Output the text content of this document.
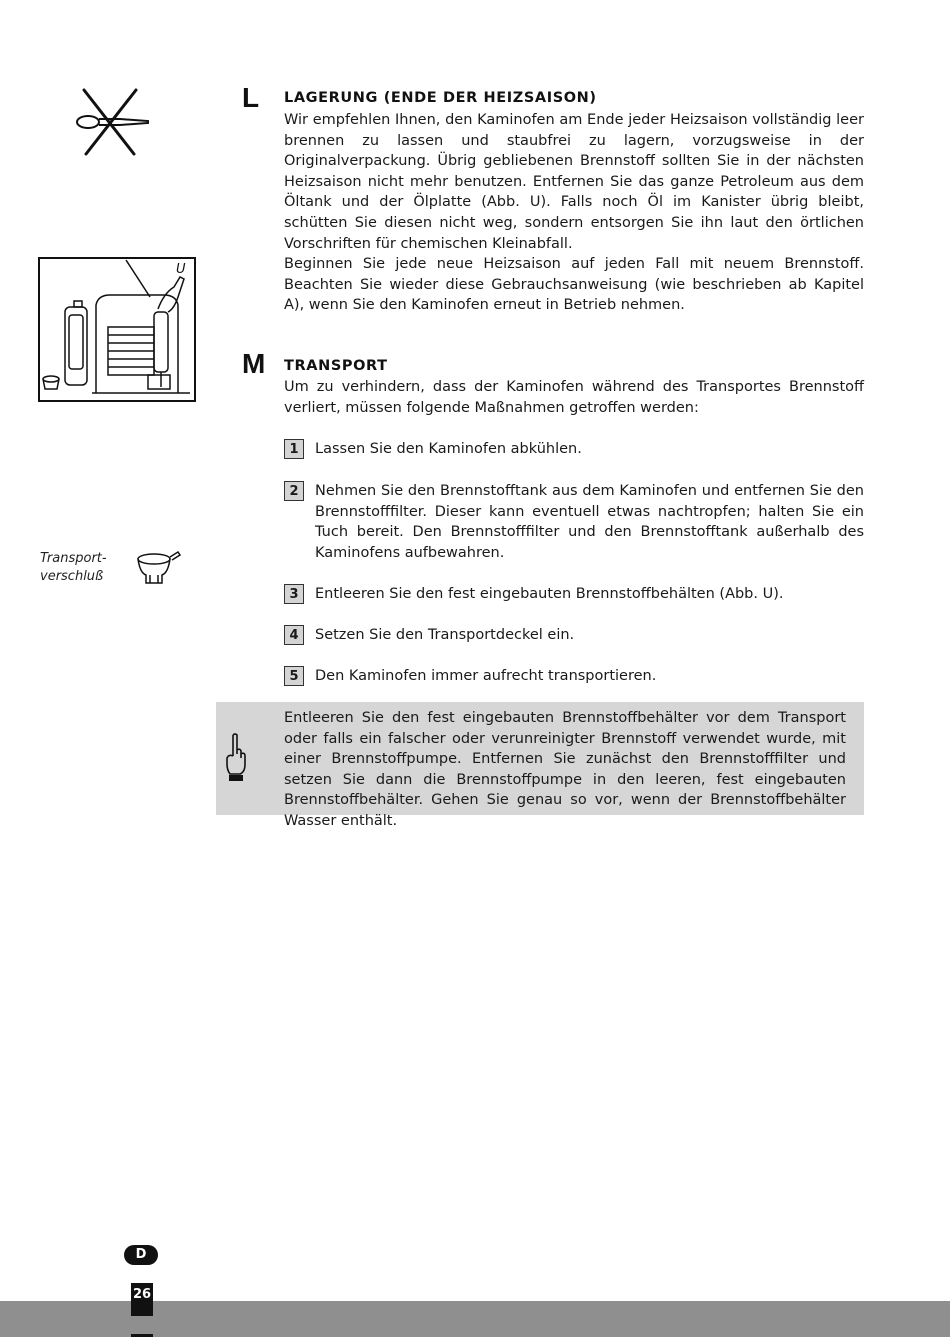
U
Transport-
verschluß
L LAGERUNG (ENDE DER HEIZSAISON)

Wir empfehlen Ihnen, den Kaminofen am Ende jeder Heizsaison vollständig leer brennen zu lassen und staubfrei zu lagern, vorzugsweise in der Originalverpackung. Übrig gebliebenen Brennstoff sollten Sie in der nächsten Heizsaison nicht mehr benutzen. Entfernen Sie das ganze Petroleum aus dem Öltank und der Ölplatte (Abb. U). Falls noch Öl im Kanister übrig bleibt, schütten Sie diesen nicht weg, sondern entsorgen Sie ihn laut den örtlichen Vorschriften für chemischen Kleinabfall.

Beginnen Sie jede neue Heizsaison auf jeden Fall mit neuem Brennstoff. Beachten Sie wieder diese Gebrauchsanweisung (wie beschrieben ab Kapitel A), wenn Sie den Kaminofen erneut in Betrieb nehmen.

M TRANSPORT

Um zu verhindern, dass der Kaminofen während des Transportes Brennstoff verliert, müssen folgende Maßnahmen getroffen werden:

1	Lassen Sie den Kaminofen abkühlen.
2	Nehmen Sie den Brennstofftank aus dem Kaminofen und entfernen Sie den Brennstofffilter. Dieser kann eventuell etwas nachtropfen; halten Sie ein Tuch bereit. Den Brennstofffilter und den Brennstofftank außerhalb des Kaminofens aufbewahren.
3	Entleeren Sie den fest eingebauten Brennstoffbehälten (Abb. U).
4	Setzen Sie den Transportdeckel ein.
5	Den Kaminofen immer aufrecht transportieren.

Entleeren Sie den fest eingebauten Brennstoffbehälter vor dem Transport oder falls ein falscher oder verunreinigter Brennstoff verwendet wurde, mit einer Brennstoffpumpe. Entfernen Sie zunächst den Brennstofffilter und setzen Sie dann die Brennstoffpumpe in den leeren, fest eingebauten Brennstoffbehälter. Gehen Sie genau so vor, wenn der Brennstoffbehälter Wasser enthält.

D
26
